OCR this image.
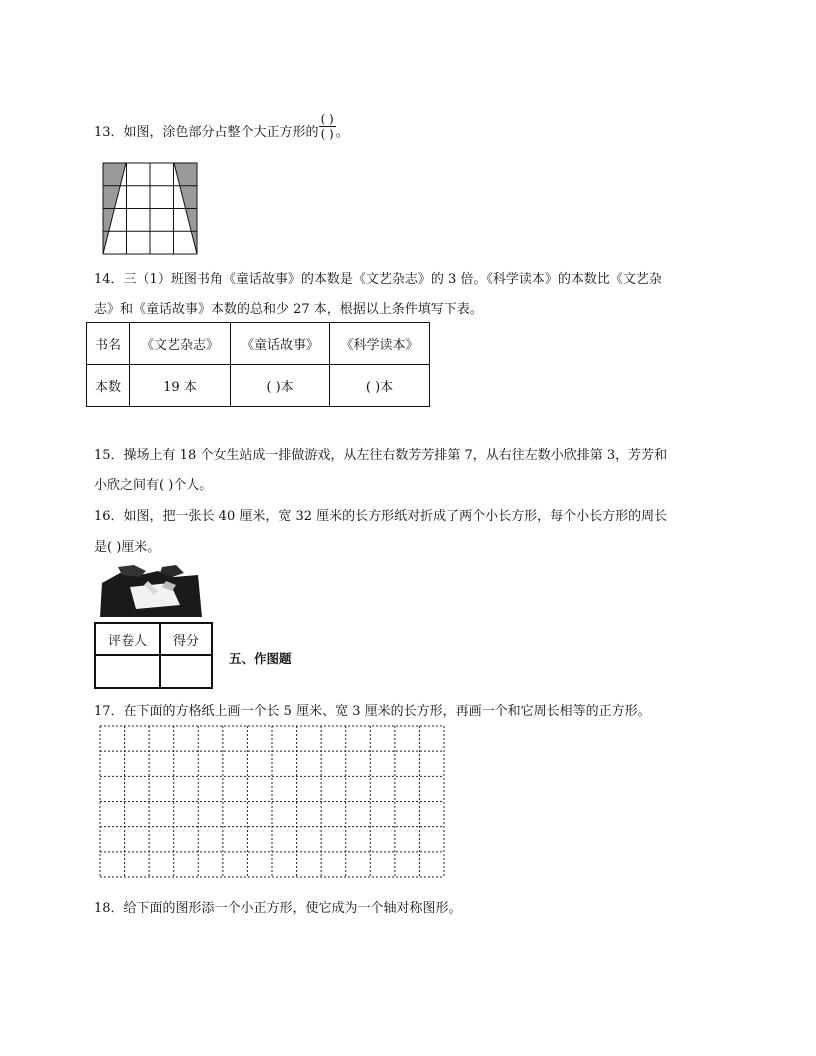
13．如图，涂色部分占整个大正方形的 $\frac{( )}{( )}$ 。
14．三（1）班图书角《童话故事》的本数是《文艺杂志》的 3 倍。《科学读本》的本数比《文艺杂
志》和《童话故事》本数的总和少 27 本，根据以上条件填写下表。
书名	《文艺杂志》	《童话故事》	《科学读本》
本数	19 本	( )本	( )本
15．操场上有 18 个女生站成一排做游戏，从左往右数芳芳排第 7，从右往左数小欣排第 3，芳芳和
小欣之间有( )个人。
16．如图，把一张长 40 厘米，宽 32 厘米的长方形纸对折成了两个小长方形，每个小长方形的周长
是( )厘米。
评卷人	得分

五、作图题
17．在下面的方格纸上画一个长 5 厘米、宽 3 厘米的长方形，再画一个和它周长相等的正方形。
18．给下面的图形添一个小正方形，使它成为一个轴对称图形。
